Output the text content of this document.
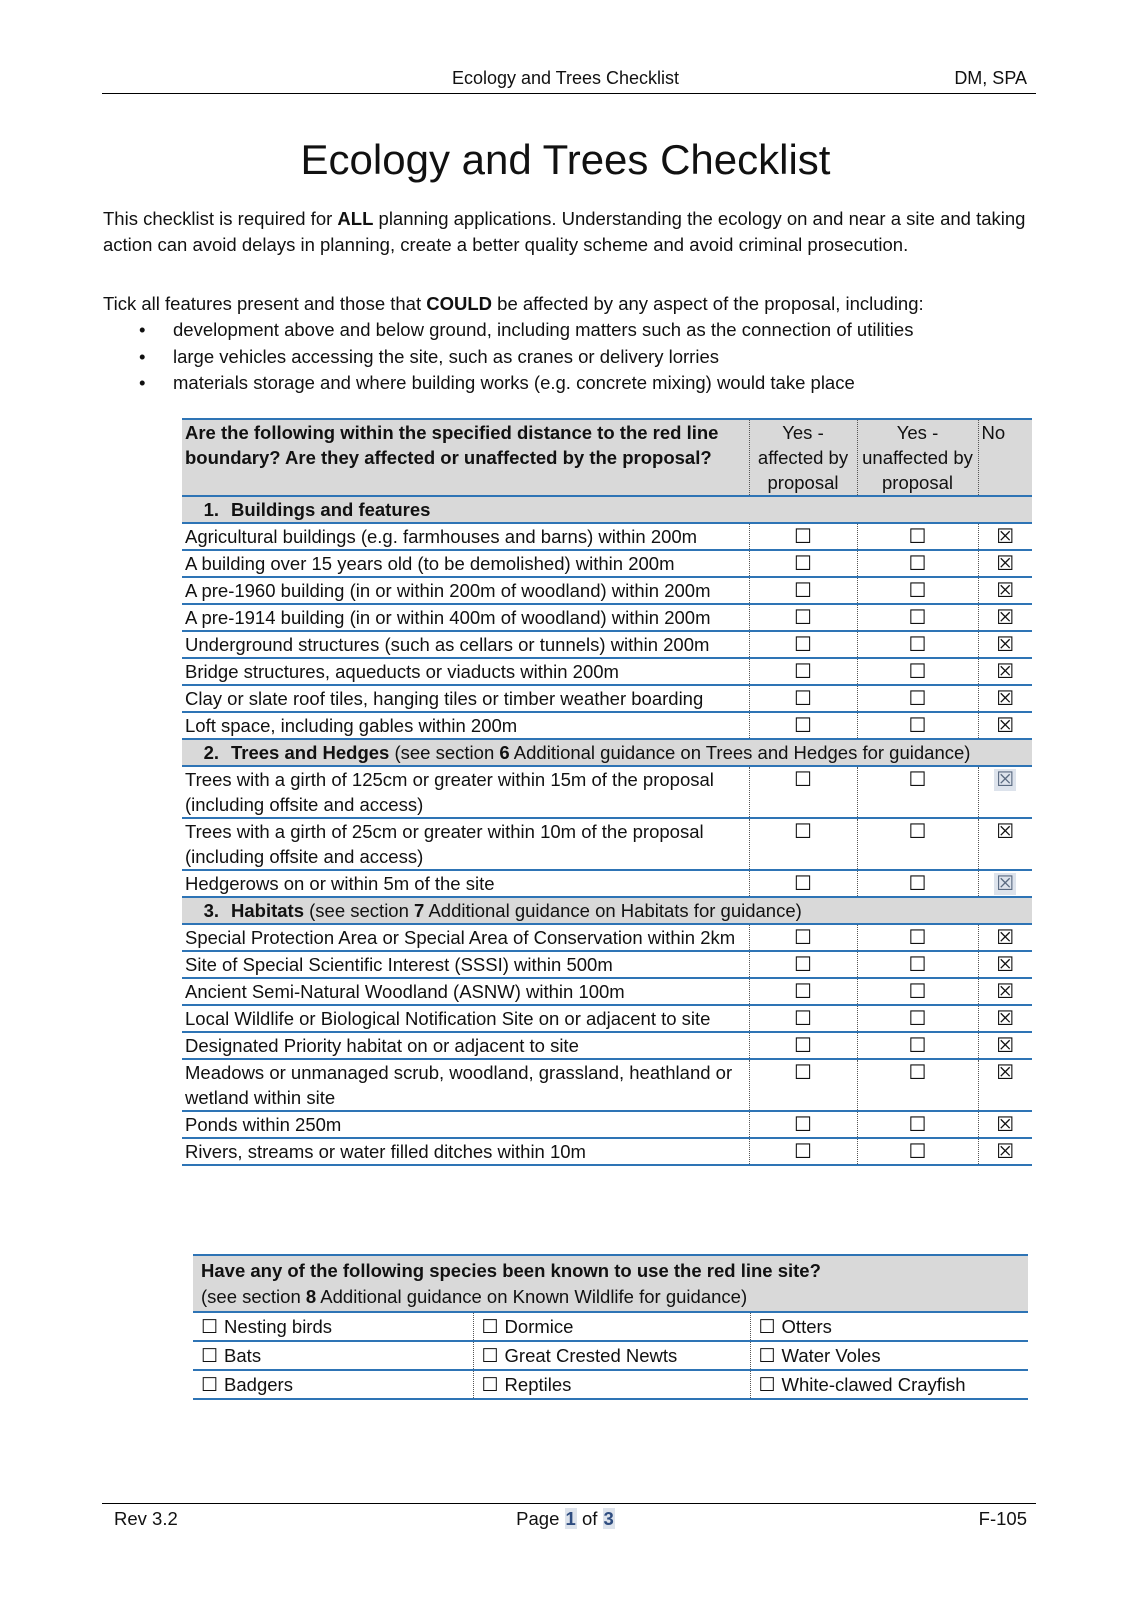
Ecology and Trees Checklist	DM, SPA
Ecology and Trees Checklist
This checklist is required for ALL planning applications. Understanding the ecology on and near a site and taking action can avoid delays in planning, create a better quality scheme and avoid criminal prosecution.
Tick all features present and those that COULD be affected by any aspect of the proposal, including:
• development above and below ground, including matters such as the connection of utilities
• large vehicles accessing the site, such as cranes or delivery lorries
• materials storage and where building works (e.g. concrete mixing) would take place
Are the following within the specified distance to the red line boundary? Are they affected or unaffected by the proposal?	Yes - affected by proposal	Yes - unaffected by proposal	No
1. Buildings and features			
Agricultural buildings (e.g. farmhouses and barns) within 200m	☐	☐	☒
A building over 15 years old (to be demolished) within 200m	☐	☐	☒
A pre-1960 building (in or within 200m of woodland) within 200m	☐	☐	☒
A pre-1914 building (in or within 400m of woodland) within 200m	☐	☐	☒
Underground structures (such as cellars or tunnels) within 200m	☐	☐	☒
Bridge structures, aqueducts or viaducts within 200m	☐	☐	☒
Clay or slate roof tiles, hanging tiles or timber weather boarding	☐	☐	☒
Loft space, including gables within 200m	☐	☐	☒
2. Trees and Hedges (see section 6 Additional guidance on Trees and Hedges for guidance)			
Trees with a girth of 125cm or greater within 15m of the proposal (including offsite and access)	☐	☐	☒
Trees with a girth of 25cm or greater within 10m of the proposal (including offsite and access)	☐	☐	☒
Hedgerows on or within 5m of the site	☐	☐	☒
3. Habitats (see section 7 Additional guidance on Habitats for guidance)			
Special Protection Area or Special Area of Conservation within 2km	☐	☐	☒
Site of Special Scientific Interest (SSSI) within 500m	☐	☐	☒
Ancient Semi-Natural Woodland (ASNW) within 100m	☐	☐	☒
Local Wildlife or Biological Notification Site on or adjacent to site	☐	☐	☒
Designated Priority habitat on or adjacent to site	☐	☐	☒
Meadows or unmanaged scrub, woodland, grassland, heathland or wetland within site	☐	☐	☒
Ponds within 250m	☐	☐	☒
Rivers, streams or water filled ditches within 10m	☐	☐	☒
Have any of the following species been known to use the red line site?
(see section 8 Additional guidance on Known Wildlife for guidance)		
☐ Nesting birds	☐ Dormice	☐ Otters
☐ Bats	☐ Great Crested Newts	☐ Water Voles
☐ Badgers	☐ Reptiles	☐ White-clawed Crayfish
Rev 3.2	Page 1 of 3	F-105
